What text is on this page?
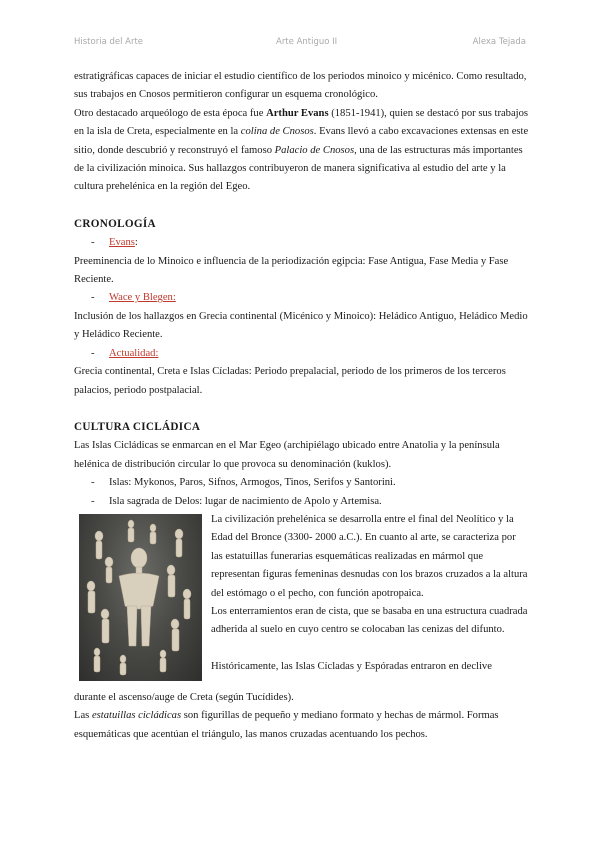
Historia del Arte	Arte Antiguo II	Alexa Tejada

estratigráficas capaces de iniciar el estudio científico de los periodos minoico y micénico. Como resultado, sus trabajos en Cnosos permitieron configurar un esquema cronológico.

Otro destacado arqueólogo de esta época fue Arthur Evans (1851-1941), quien se destacó por sus trabajos en la isla de Creta, especialmente en la colina de Cnosos. Evans llevó a cabo excavaciones extensas en este sitio, donde descubrió y reconstruyó el famoso Palacio de Cnosos, una de las estructuras más importantes de la civilización minoica. Sus hallazgos contribuyeron de manera significativa al estudio del arte y la cultura prehelénica en la región del Egeo.

CRONOLOGÍA
- Evans:

Preeminencia de lo Minoico e influencia de la periodización egipcia: Fase Antigua, Fase Media y Fase Reciente.

- Wace y Blegen:

Inclusión de los hallazgos en Grecia continental (Micénico y Minoico): Heládico Antiguo, Heládico Medio y Heládico Reciente.

- Actualidad:

Grecia continental, Creta e Islas Cícladas: Periodo prepalacial, periodo de los primeros de los terceros palacios, periodo postpalacial.

CULTURA CICLÁDICA

Las Islas Cicládicas se enmarcan en el Mar Egeo (archipiélago ubicado entre Anatolia y la península helénica de distribución circular lo que provoca su denominación (kuklos).

- Islas: Mykonos, Paros, Sifnos, Armogos, Tinos, Serifos y Santorini.
- Isla sagrada de Delos: lugar de nacimiento de Apolo y Artemisa.

La civilización prehelénica se desarrolla entre el final del Neolítico y la Edad del Bronce (3300- 2000 a.C.). En cuanto al arte, se caracteriza por las estatuillas funerarias esquemáticas realizadas en mármol que representan figuras femeninas desnudas con los brazos cruzados a la altura del estómago o el pecho, con función apotropaica.

Los enterramientos eran de cista, que se basaba en una estructura cuadrada adherida al suelo en cuyo centro se colocaban las cenizas del difunto.

Históricamente, las Islas Cícladas y Espóradas entraron en declive

durante el ascenso/auge de Creta (según Tucídides).

Las estatuillas cicládicas son figurillas de pequeño y mediano formato y hechas de mármol. Formas esquemáticas que acentúan el triángulo, las manos cruzadas acentuando los pechos.
